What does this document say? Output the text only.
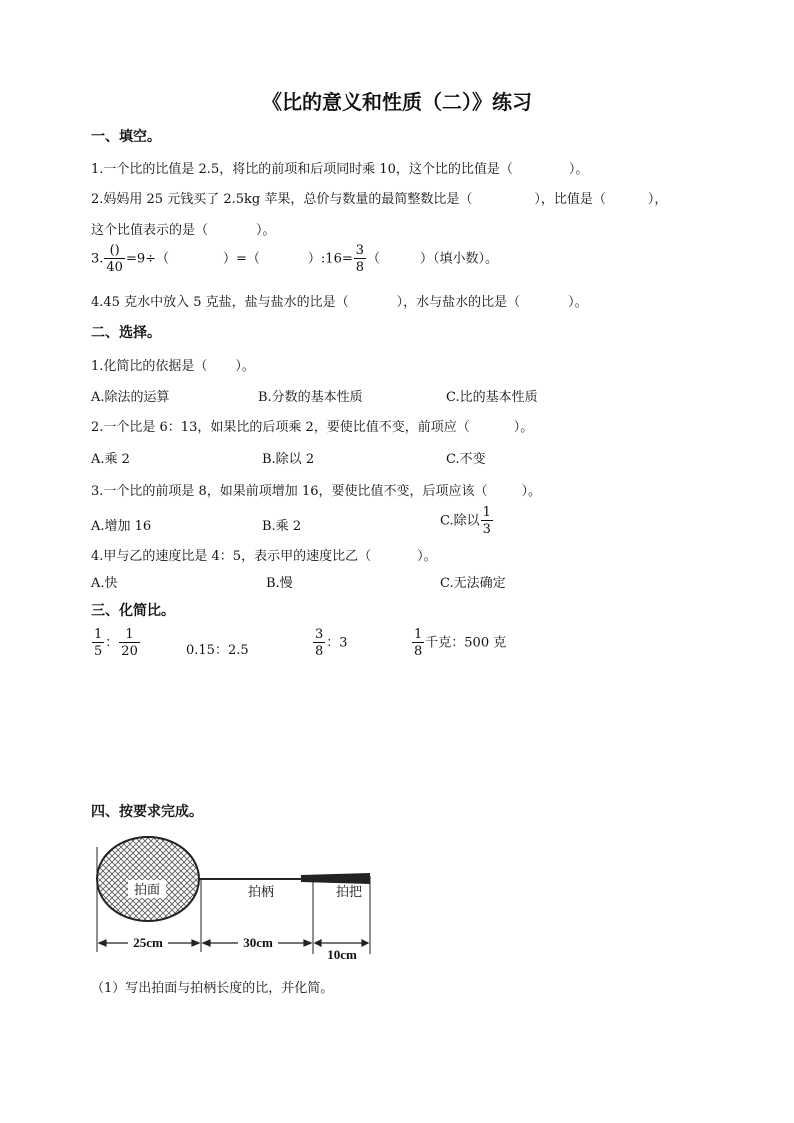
《比的意义和性质（二）》练习
一、填空。
1.一个比的比值是 2.5，将比的前项和后项同时乘 10，这个比的比值是（	）。
2.妈妈用 25 元钱买了 2.5kg 苹果，总价与数量的最简整数比是（	），比值是（	），
这个比值表示的是（	）。
3. $\frac{()}{40} =9\div$（	）=（	）:16= $\frac{3}{8}$ （	）（填小数）。
4.45 克水中放入 5 克盐，盐与盐水的比是（	），水与盐水的比是（	）。
二、选择。
1.化简比的依据是（ ）。
A.除法的运算	B.分数的基本性质	C.比的基本性质
2.一个比是 6：13，如果比的后项乘 2，要使比值不变，前项应（	）。
A.乘 2	B.除以 2	C.不变
3.一个比的前项是 8，如果前项增加 16，要使比值不变，后项应该（	）。
A.增加 16	B.乘 2	C.除以 $\frac{1}{3}$
4.甲与乙的速度比是 4：5，表示甲的速度比乙（	）。
A.快	B.慢	C.无法确定
三、化简比。
$\frac{1}{5}$ ： $\frac{1}{20}$	0.15：2.5	$\frac{3}{8}$ ：3	$\frac{1}{8}$ 千克：500 克
四、按要求完成。
拍面	拍柄	拍把
25cm	30cm
10cm
（1）写出拍面与拍柄长度的比，并化简。
